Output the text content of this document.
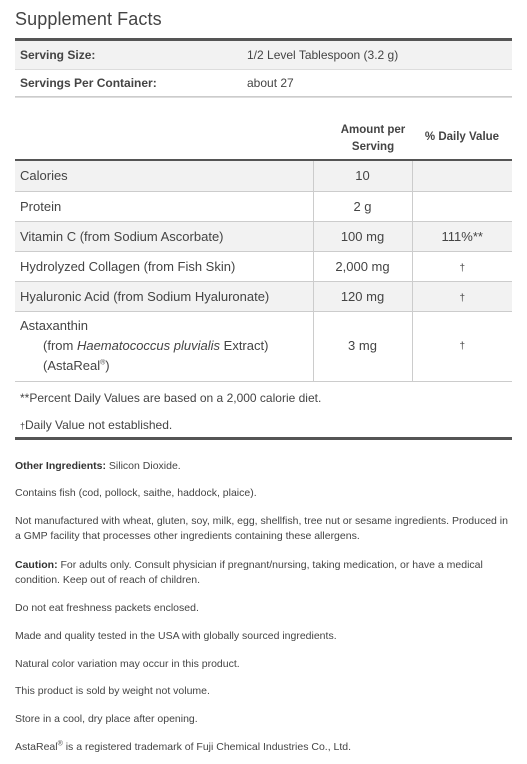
Supplement Facts
Serving Size:	1/2 Level Tablespoon (3.2 g)
Servings Per Container:	about 27
Amount per
Serving
% Daily Value
Calories	10	
Protein	2 g	
Vitamin C (from Sodium Ascorbate)	100 mg	111%**
Hydrolyzed Collagen (from Fish Skin)	2,000 mg	†
Hyaluronic Acid (from Sodium Hyaluronate)	120 mg	†
Astaxanthin
(from Haematococcus pluvialis Extract)
(AstaReal®)	3 mg	†
**Percent Daily Values are based on a 2,000 calorie diet.
†Daily Value not established.
Other Ingredients: Silicon Dioxide.
Contains fish (cod, pollock, saithe, haddock, plaice).
Not manufactured with wheat, gluten, soy, milk, egg, shellfish, tree nut or sesame ingredients. Produced in a GMP facility that processes other ingredients containing these allergens.
Caution: For adults only. Consult physician if pregnant/nursing, taking medication, or have a medical condition. Keep out of reach of children.
Do not eat freshness packets enclosed.
Made and quality tested in the USA with globally sourced ingredients.
Natural color variation may occur in this product.
This product is sold by weight not volume.
Store in a cool, dry place after opening.
AstaReal® is a registered trademark of Fuji Chemical Industries Co., Ltd.
